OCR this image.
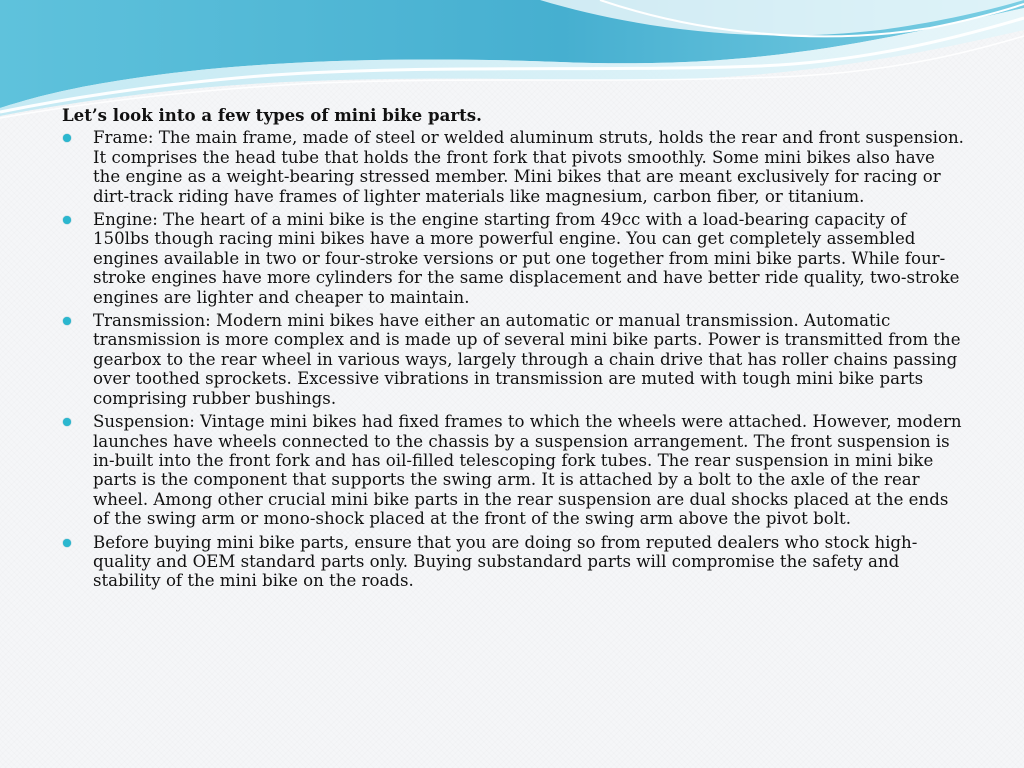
Let’s look into a few types of mini bike parts.

Frame: The main frame, made of steel or welded aluminum struts, holds the rear and front suspension. It comprises the head tube that holds the front fork that pivots smoothly. Some mini bikes also have the engine as a weight-bearing stressed member. Mini bikes that are meant exclusively for racing or dirt-track riding have frames of lighter materials like magnesium, carbon fiber, or titanium.
Engine: The heart of a mini bike is the engine starting from 49cc with a load-bearing capacity of 150lbs though racing mini bikes have a more powerful engine. You can get completely assembled engines available in two or four-stroke versions or put one together from mini bike parts. While four-stroke engines have more cylinders for the same displacement and have better ride quality, two-stroke engines are lighter and cheaper to maintain.
Transmission: Modern mini bikes have either an automatic or manual transmission. Automatic transmission is more complex and is made up of several mini bike parts. Power is transmitted from the gearbox to the rear wheel in various ways, largely through a chain drive that has roller chains passing over toothed sprockets. Excessive vibrations in transmission are muted with tough mini bike parts comprising rubber bushings.
Suspension: Vintage mini bikes had fixed frames to which the wheels were attached. However, modern launches have wheels connected to the chassis by a suspension arrangement. The front suspension is in-built into the front fork and has oil-filled telescoping fork tubes. The rear suspension in mini bike parts is the component that supports the swing arm. It is attached by a bolt to the axle of the rear wheel. Among other crucial mini bike parts in the rear suspension are dual shocks placed at the ends of the swing arm or mono-shock placed at the front of the swing arm above the pivot bolt.
Before buying mini bike parts, ensure that you are doing so from reputed dealers who stock high-quality and OEM standard parts only. Buying substandard parts will compromise the safety and stability of the mini bike on the roads.
